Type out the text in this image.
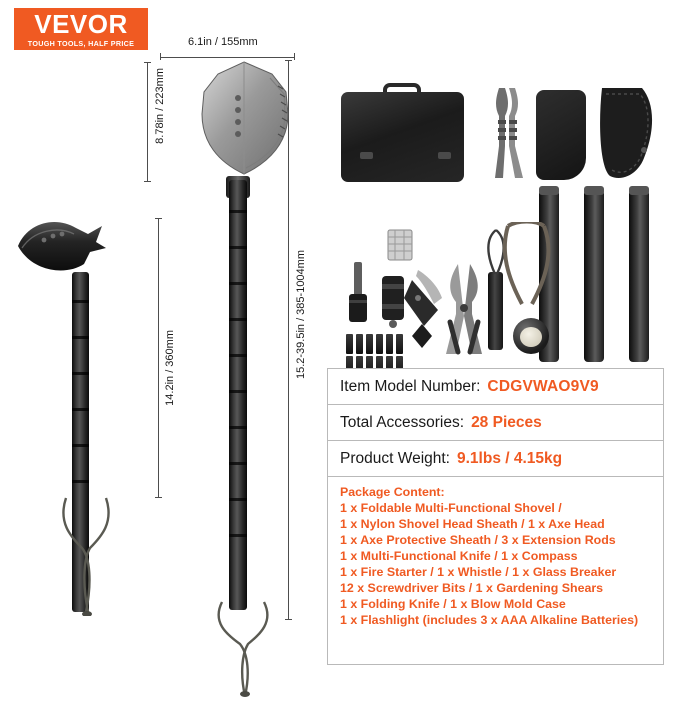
VEVOR
TOUGH TOOLS, HALF PRICE	6.1in / 155mm
8.78in / 223mm
15.2-39.5in / 385-1004mm
14.2in / 360mm	Item Model Number: CDGVWAO9V9
Total Accessories: 28 Pieces
Product Weight: 9.1lbs / 4.15kg
Package Content:
1 x Foldable Multi-Functional Shovel /
1 x Nylon Shovel Head Sheath / 1 x Axe Head
1 x Axe Protective Sheath / 3 x Extension Rods
1 x Multi-Functional Knife / 1 x Compass
1 x Fire Starter / 1 x Whistle / 1 x Glass Breaker
12 x Screwdriver Bits / 1 x Gardening Shears
1 x Folding Knife / 1 x Blow Mold Case
1 x Flashlight (includes 3 x AAA Alkaline Batteries)
